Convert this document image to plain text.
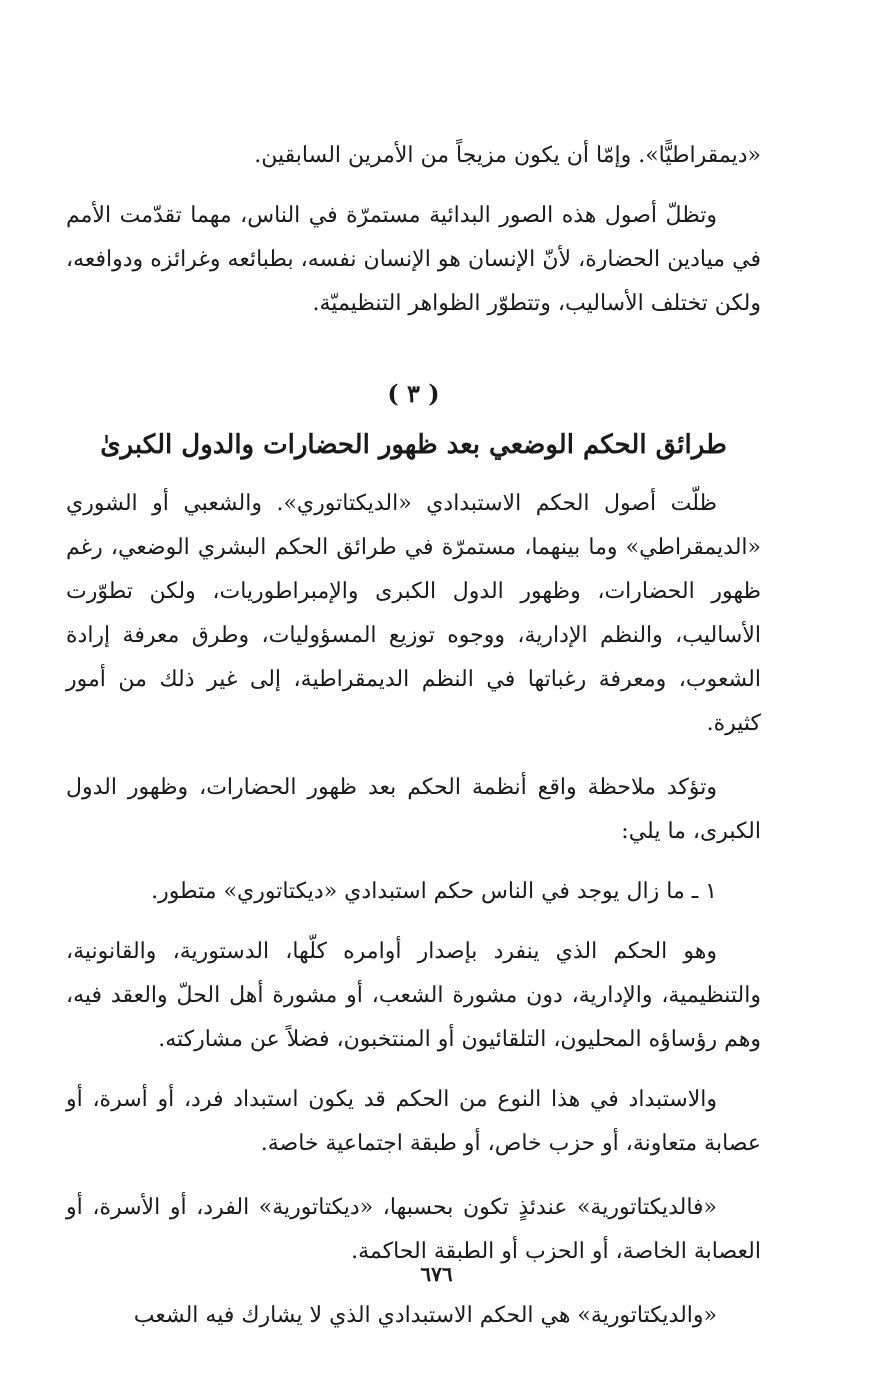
«ديمقراطيًّا». وإمّا أن يكون مزيجاً من الأمرين السابقين.

وتظلّ أصول هذه الصور البدائية مستمرّة في الناس، مهما تقدّمت الأمم في ميادين الحضارة، لأنّ الإنسان هو الإنسان نفسه، بطبائعه وغرائزه ودوافعه، ولكن تختلف الأساليب، وتتطوّر الظواهر التنظيميّة.

( ٣ )
طرائق الحكم الوضعي بعد ظهور الحضارات والدول الكبرىٰ

ظلّت أصول الحكم الاستبدادي «الديكتاتوري». والشعبي أو الشوري «الديمقراطي» وما بينهما، مستمرّة في طرائق الحكم البشري الوضعي، رغم ظهور الحضارات، وظهور الدول الكبرى والإمبراطوريات، ولكن تطوّرت الأساليب، والنظم الإدارية، ووجوه توزيع المسؤوليات، وطرق معرفة إرادة الشعوب، ومعرفة رغباتها في النظم الديمقراطية، إلى غير ذلك من أمور كثيرة.

وتؤكد ملاحظة واقع أنظمة الحكم بعد ظهور الحضارات، وظهور الدول الكبرى، ما يلي:

١ ـ ما زال يوجد في الناس حكم استبدادي «ديكتاتوري» متطور.

وهو الحكم الذي ينفرد بإصدار أوامره كلّها، الدستورية، والقانونية، والتنظيمية، والإدارية، دون مشورة الشعب، أو مشورة أهل الحلّ والعقد فيه، وهم رؤساؤه المحليون، التلقائيون أو المنتخبون، فضلاً عن مشاركته.

والاستبداد في هذا النوع من الحكم قد يكون استبداد فرد، أو أسرة، أو عصابة متعاونة، أو حزب خاص، أو طبقة اجتماعية خاصة.

«فالديكتاتورية» عندئذٍ تكون بحسبها، «ديكتاتورية» الفرد، أو الأسرة، أو العصابة الخاصة، أو الحزب أو الطبقة الحاكمة.

«والديكتاتورية» هي الحكم الاستبدادي الذي لا يشارك فيه الشعب

٦٧٦
